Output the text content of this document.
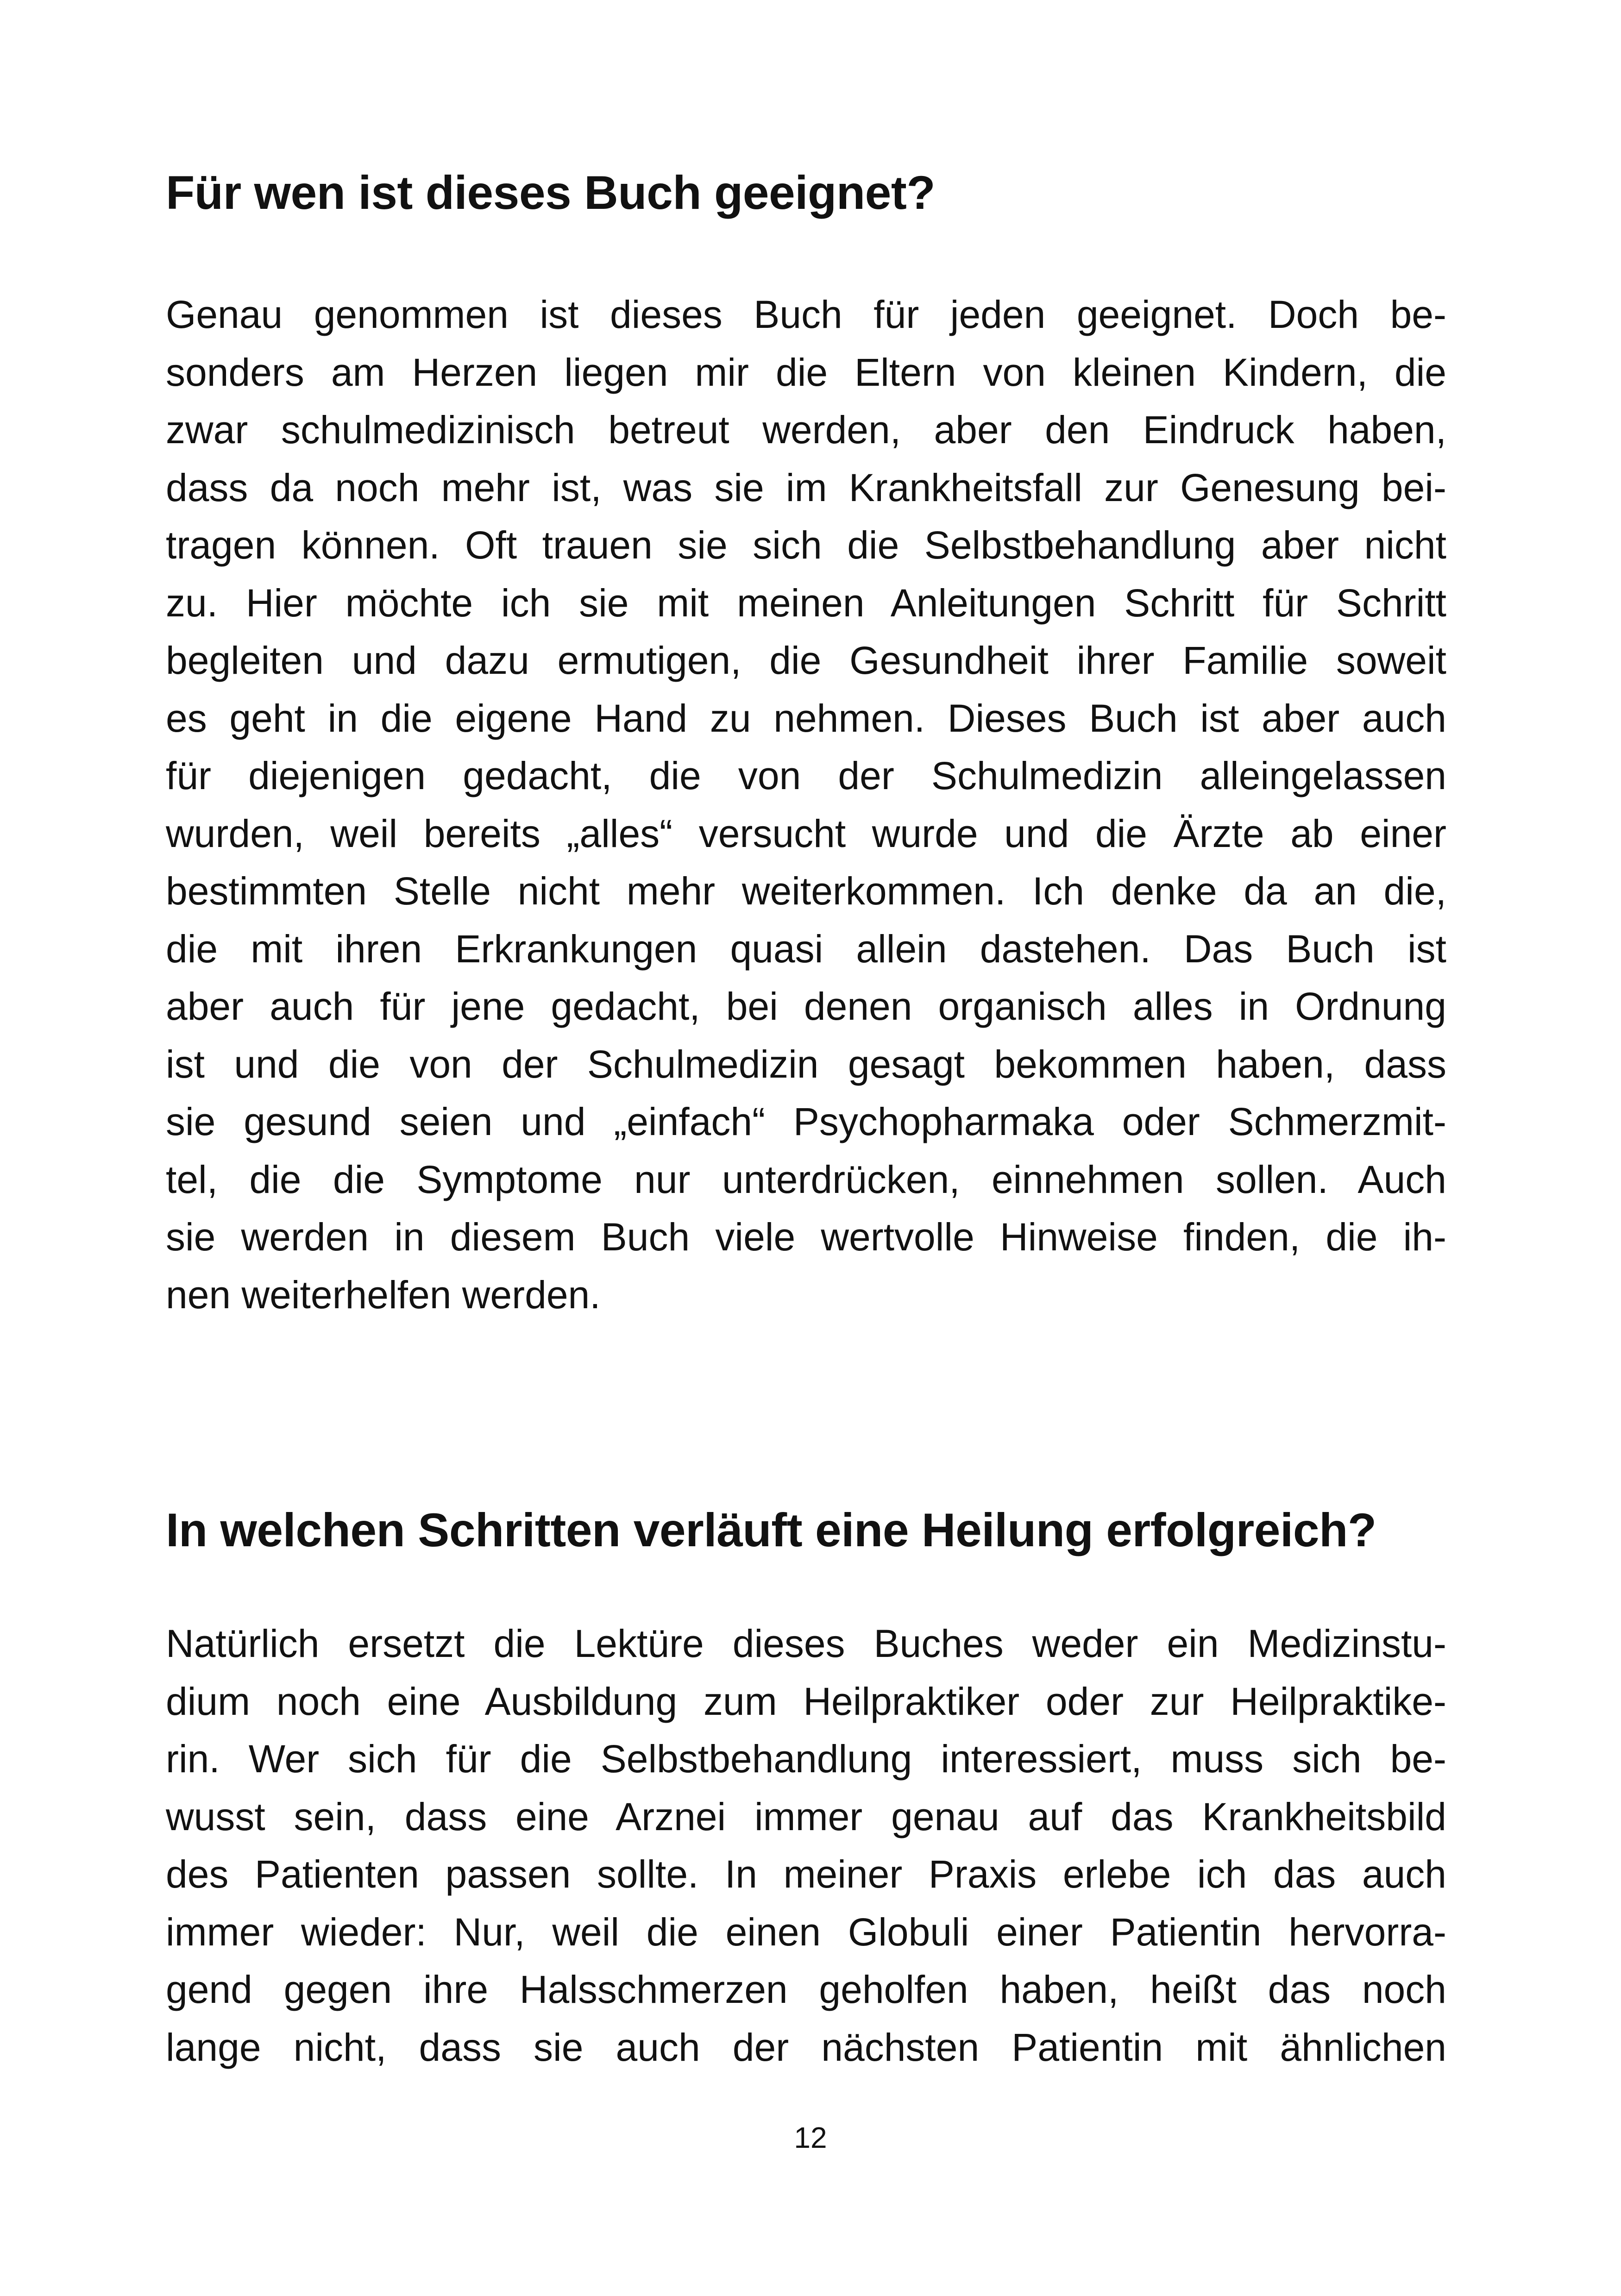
Für wen ist dieses Buch geeignet?
Genau genommen ist dieses Buch für jeden geeignet. Doch be-
sonders am Herzen liegen mir die Eltern von kleinen Kindern, die
zwar schulmedizinisch betreut werden, aber den Eindruck haben,
dass da noch mehr ist, was sie im Krankheitsfall zur Genesung bei-
tragen können. Oft trauen sie sich die Selbstbehandlung aber nicht
zu. Hier möchte ich sie mit meinen Anleitungen Schritt für Schritt
begleiten und dazu ermutigen, die Gesundheit ihrer Familie soweit
es geht in die eigene Hand zu nehmen. Dieses Buch ist aber auch
für diejenigen gedacht, die von der Schulmedizin alleingelassen
wurden, weil bereits „alles“ versucht wurde und die Ärzte ab einer
bestimmten Stelle nicht mehr weiterkommen. Ich denke da an die,
die mit ihren Erkrankungen quasi allein dastehen. Das Buch ist
aber auch für jene gedacht, bei denen organisch alles in Ordnung
ist und die von der Schulmedizin gesagt bekommen haben, dass
sie gesund seien und „einfach“ Psychopharmaka oder Schmerzmit-
tel, die die Symptome nur unterdrücken, einnehmen sollen. Auch
sie werden in diesem Buch viele wertvolle Hinweise finden, die ih-
nen weiterhelfen werden.
In welchen Schritten verläuft eine Heilung erfolgreich?
Natürlich ersetzt die Lektüre dieses Buches weder ein Medizinstu-
dium noch eine Ausbildung zum Heilpraktiker oder zur Heilpraktike-
rin. Wer sich für die Selbstbehandlung interessiert, muss sich be-
wusst sein, dass eine Arznei immer genau auf das Krankheitsbild
des Patienten passen sollte. In meiner Praxis erlebe ich das auch
immer wieder: Nur, weil die einen Globuli einer Patientin hervorra-
gend gegen ihre Halsschmerzen geholfen haben, heißt das noch
lange nicht, dass sie auch der nächsten Patientin mit ähnlichen
12
